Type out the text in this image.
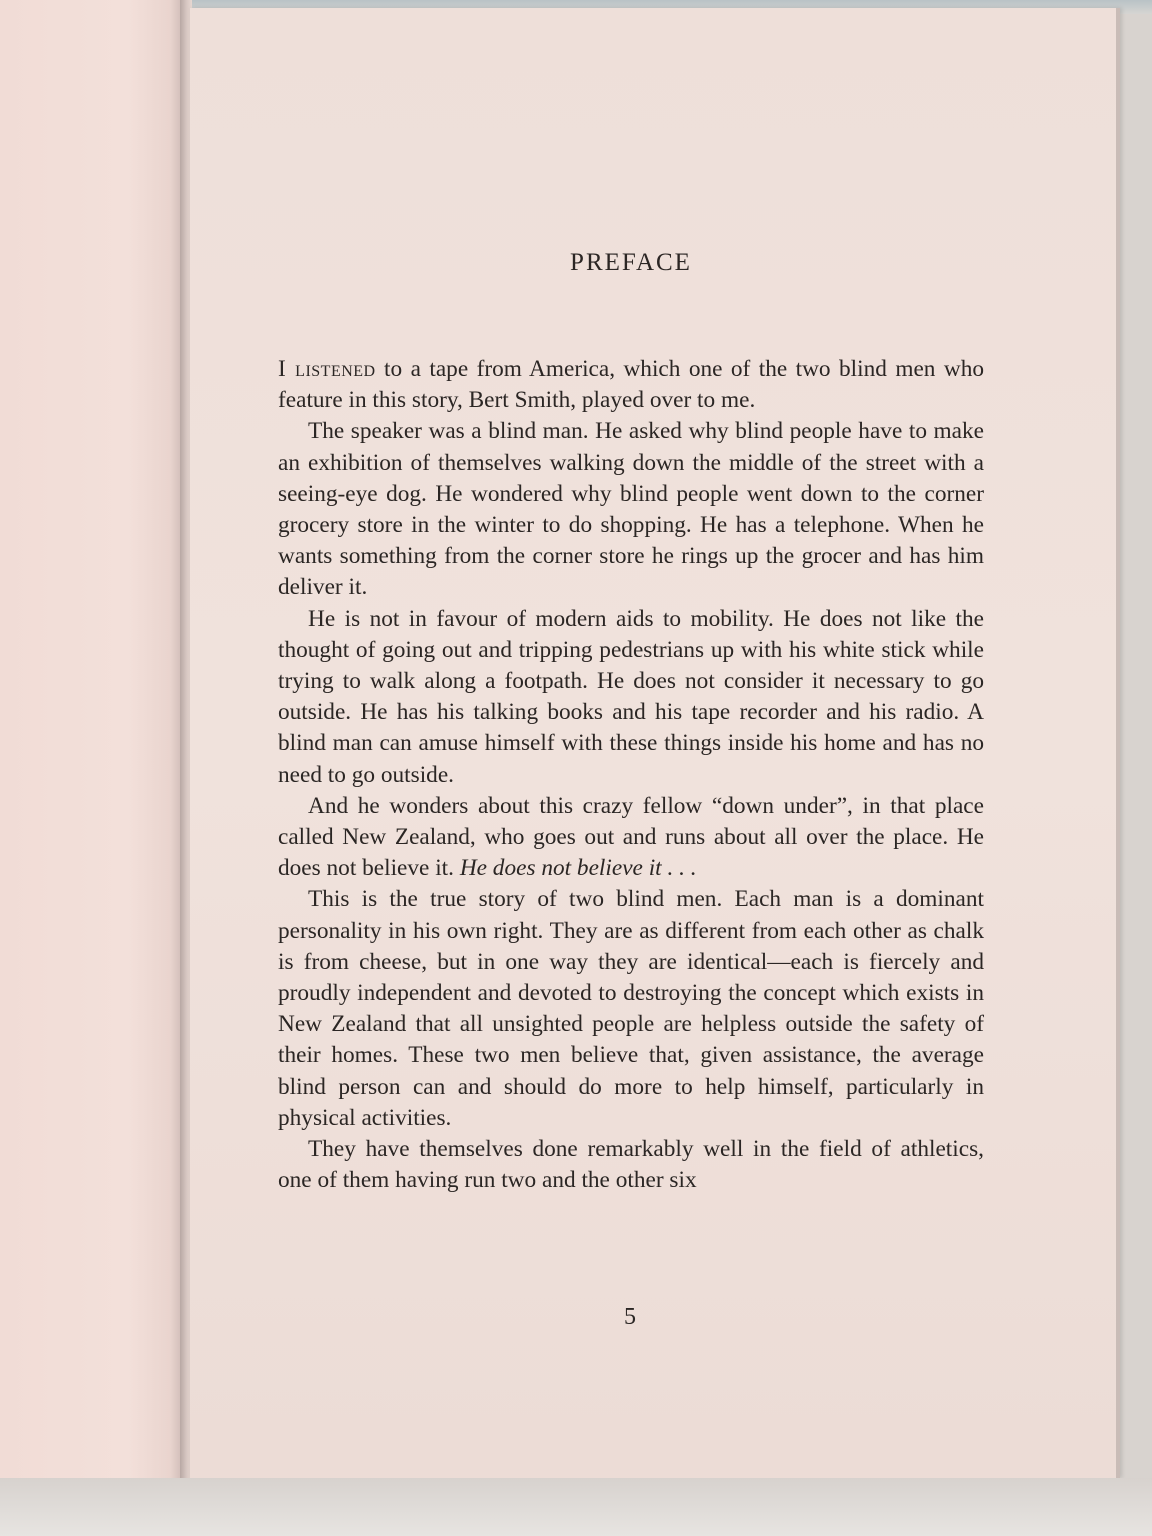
PREFACE

I listened to a tape from America, which one of the two blind men who feature in this story, Bert Smith, played over to me.

The speaker was a blind man. He asked why blind people have to make an exhibition of themselves walking down the middle of the street with a seeing-eye dog. He wondered why blind people went down to the corner grocery store in the winter to do shopping. He has a telephone. When he wants something from the corner store he rings up the grocer and has him deliver it.

He is not in favour of modern aids to mobility. He does not like the thought of going out and tripping pedestrians up with his white stick while trying to walk along a footpath. He does not consider it necessary to go outside. He has his talking books and his tape recorder and his radio. A blind man can amuse himself with these things inside his home and has no need to go outside.

And he wonders about this crazy fellow “down under”, in that place called New Zealand, who goes out and runs about all over the place. He does not believe it. He does not believe it . . .

This is the true story of two blind men. Each man is a dominant personality in his own right. They are as different from each other as chalk is from cheese, but in one way they are identical—each is fiercely and proudly independent and devoted to destroying the concept which exists in New Zealand that all unsighted people are helpless outside the safety of their homes. These two men believe that, given assistance, the average blind person can and should do more to help himself, particularly in physical activities.

They have themselves done remarkably well in the field of athletics, one of them having run two and the other six

5
